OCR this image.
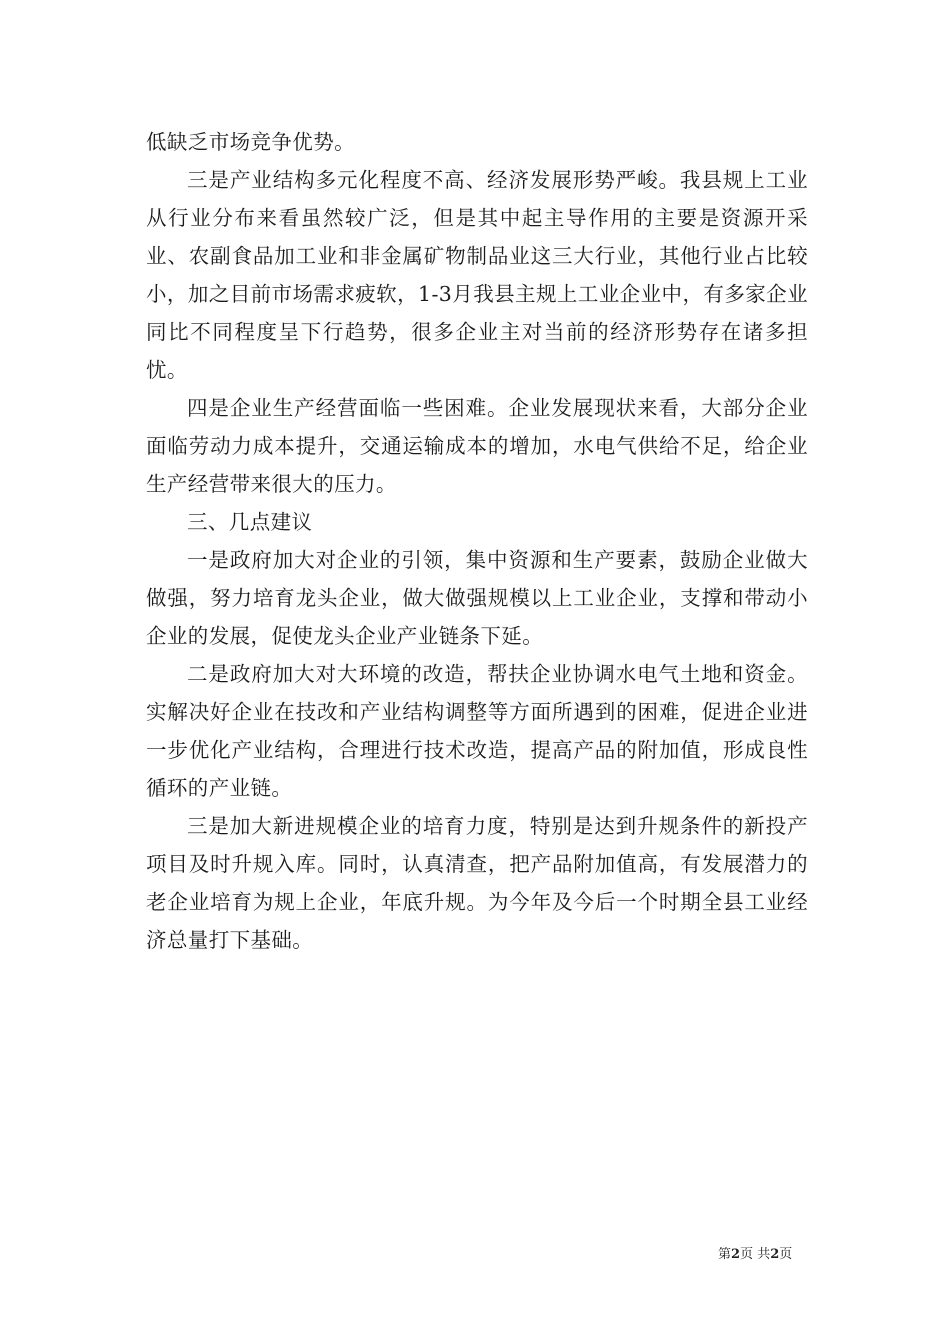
低缺乏市场竞争优势。

三是产业结构多元化程度不高、经济发展形势严峻。我县规上工业从行业分布来看虽然较广泛，但是其中起主导作用的主要是资源开采业、农副食品加工业和非金属矿物制品业这三大行业，其他行业占比较小，加之目前市场需求疲软，1-3月我县主规上工业企业中，有多家企业同比不同程度呈下行趋势，很多企业主对当前的经济形势存在诸多担忧。

四是企业生产经营面临一些困难。企业发展现状来看，大部分企业面临劳动力成本提升，交通运输成本的增加，水电气供给不足，给企业生产经营带来很大的压力。

三、几点建议

一是政府加大对企业的引领，集中资源和生产要素，鼓励企业做大做强，努力培育龙头企业，做大做强规模以上工业企业，支撑和带动小企业的发展，促使龙头企业产业链条下延。

二是政府加大对大环境的改造，帮扶企业协调水电气土地和资金。实解决好企业在技改和产业结构调整等方面所遇到的困难，促进企业进一步优化产业结构，合理进行技术改造，提高产品的附加值，形成良性循环的产业链。

三是加大新进规模企业的培育力度，特别是达到升规条件的新投产项目及时升规入库。同时，认真清查，把产品附加值高，有发展潜力的老企业培育为规上企业，年底升规。为今年及今后一个时期全县工业经济总量打下基础。

第2页 共2页
